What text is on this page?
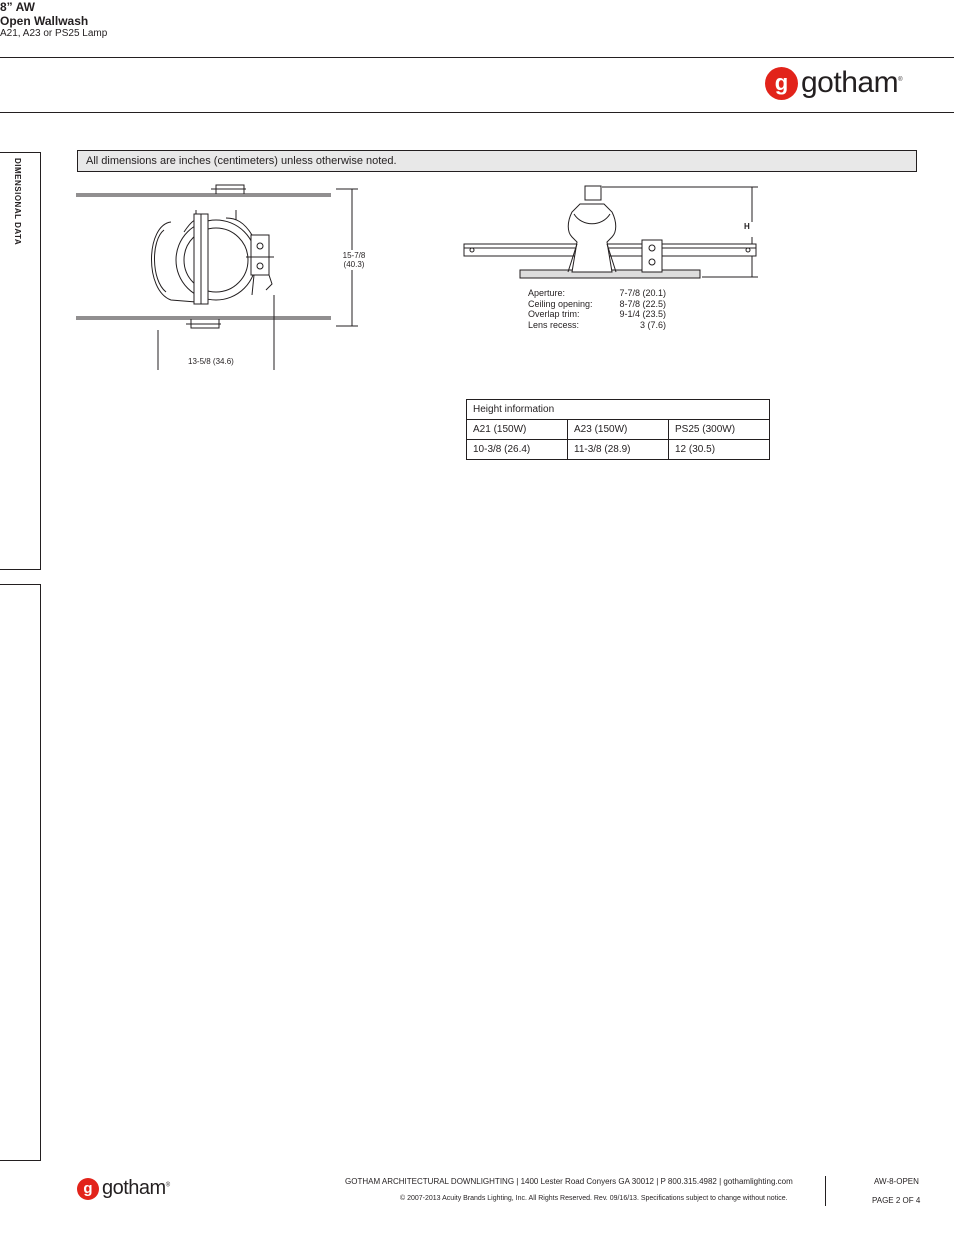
8” AW
Open Wallwash
A21, A23 or PS25 Lamp
g gotham®
DIMENSIONAL DATA	All dimensions are inches (centimeters) unless otherwise noted.
15-7/8
(40.3)
13-5/8 (34.6)
H
Aperture:	7-7/8 (20.1)
Ceiling opening:	8-7/8 (22.5)
Overlap trim:	9-1/4 (23.5)
Lens recess:	3 (7.6)
Height information		
A21 (150W)	A23 (150W)	PS25 (300W)
10-3/8 (26.4)	11-3/8 (28.9)	12 (30.5)
g gotham®	GOTHAM ARCHITECTURAL DOWNLIGHTING | 1400 Lester Road Conyers GA 30012 | P 800.315.4982 | gothamlighting.com
© 2007-2013 Acuity Brands Lighting, Inc. All Rights Reserved. Rev. 09/16/13. Specifications subject to change without notice.
AW-8-OPEN
PAGE 2 OF 4
